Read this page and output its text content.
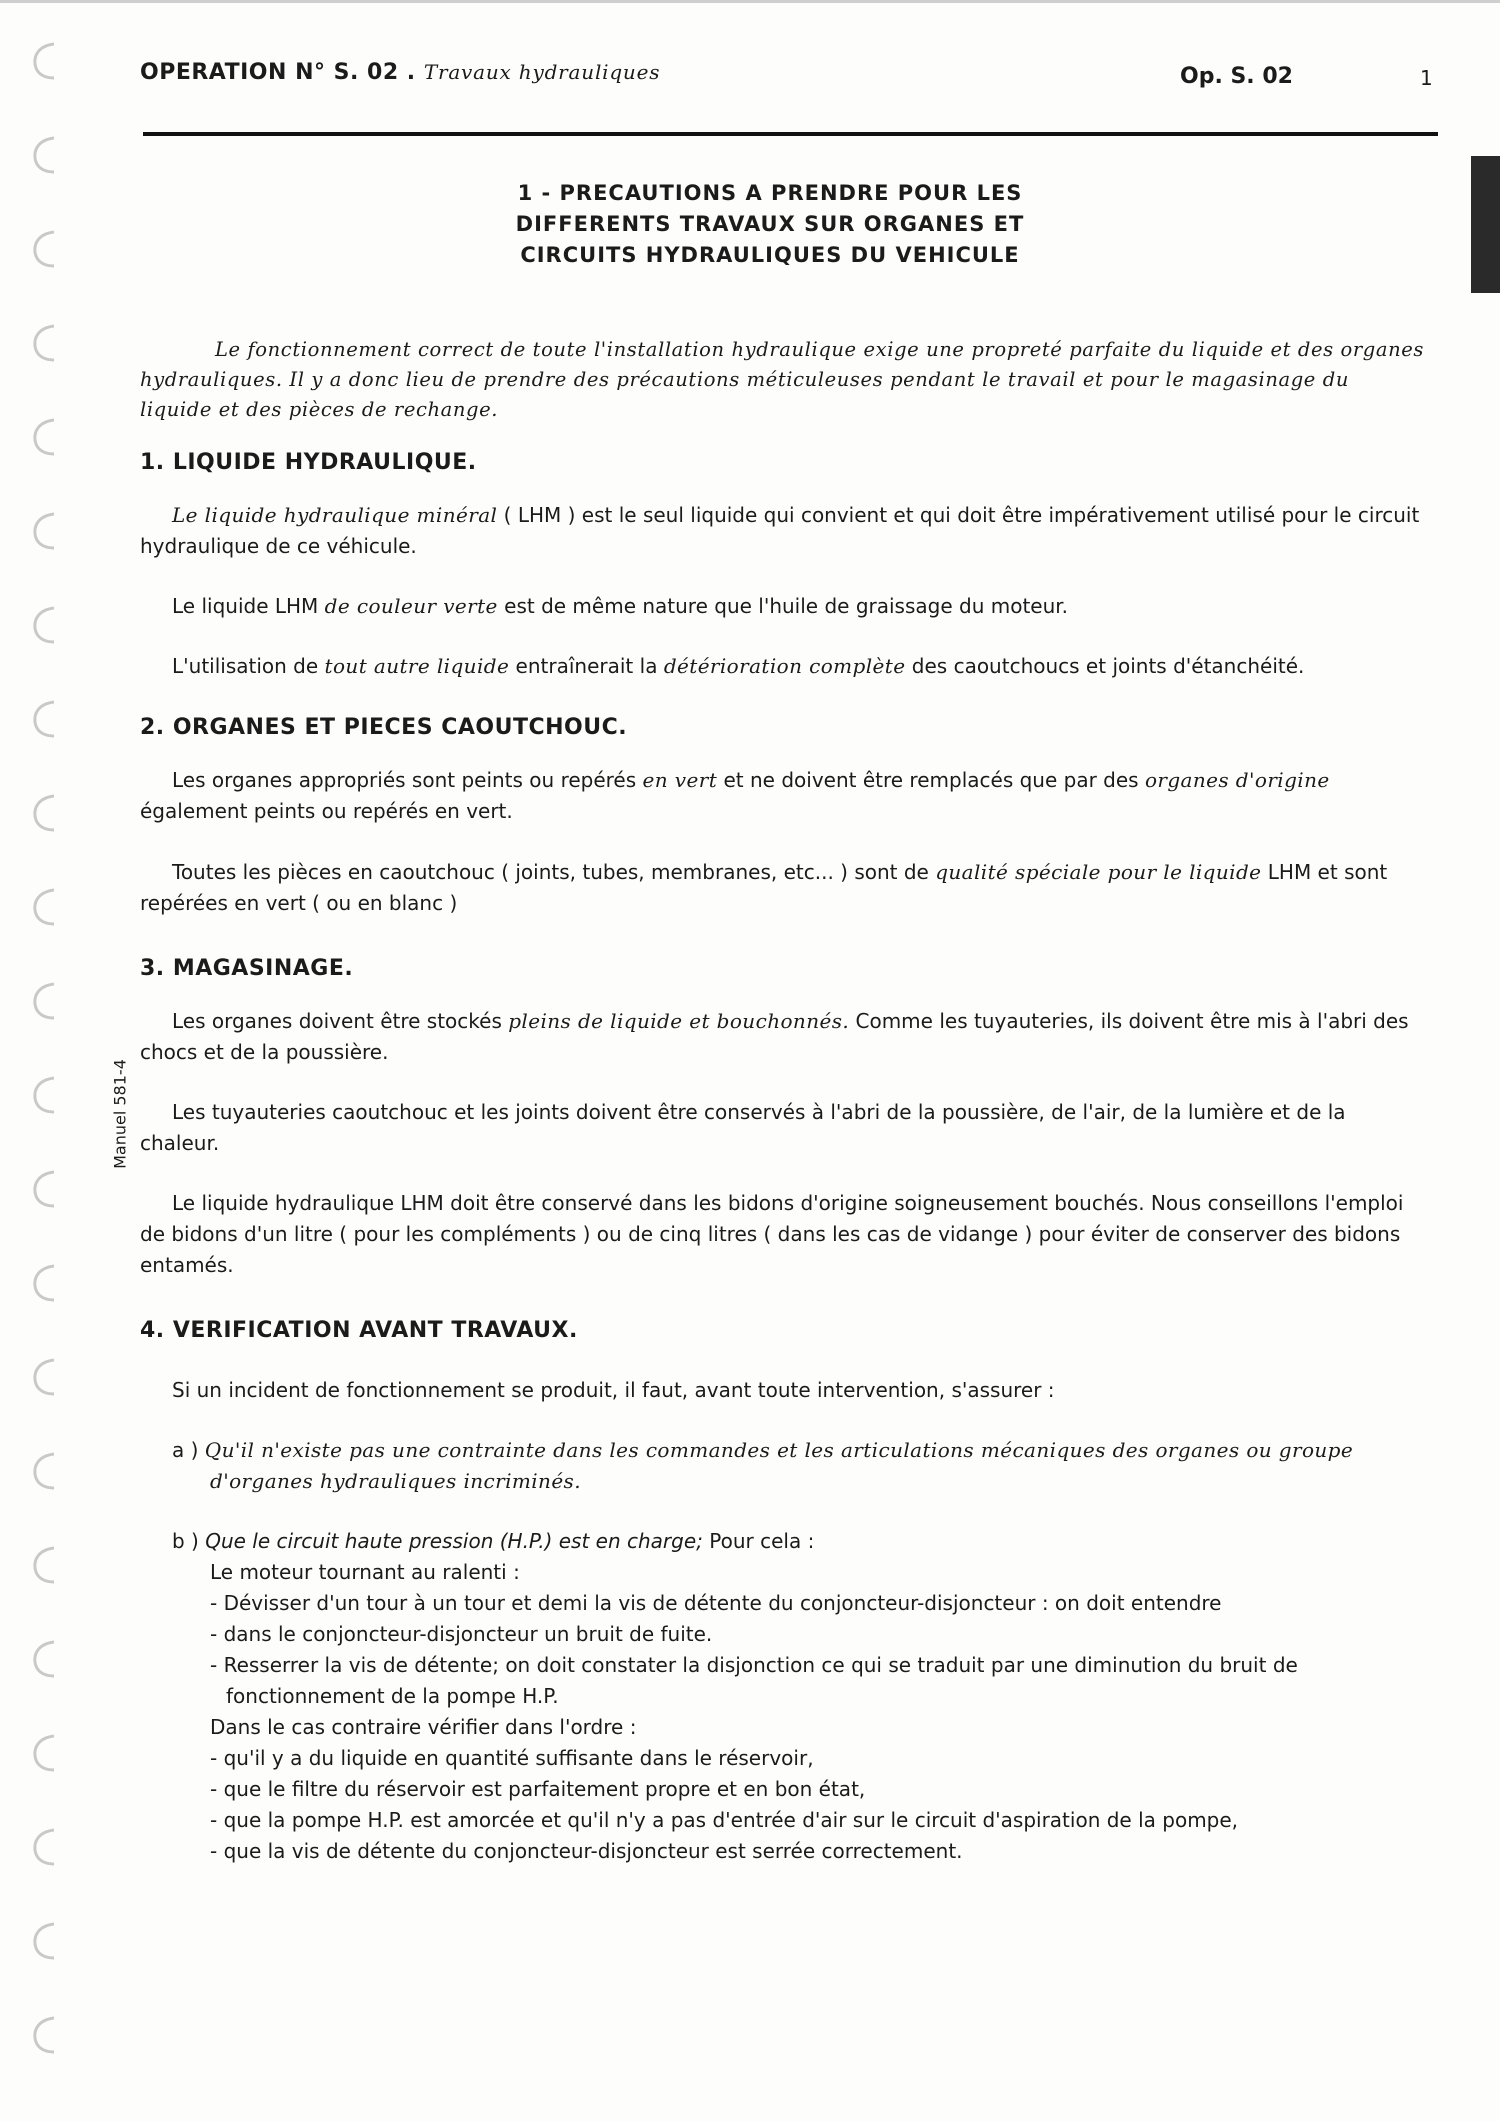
OPERATION N° S. 02 . Travaux hydrauliques	Op. S. 02	1
1 - PRECAUTIONS A PRENDRE POUR LES
DIFFERENTS TRAVAUX SUR ORGANES ET
CIRCUITS HYDRAULIQUES DU VEHICULE
Manuel 581-4

Le fonctionnement correct de toute l'installation hydraulique exige une propreté parfaite du liquide et des organes hydrauliques. Il y a donc lieu de prendre des précautions méticuleuses pendant le travail et pour le magasinage du liquide et des pièces de rechange.

1. LIQUIDE HYDRAULIQUE.

Le liquide hydraulique minéral ( LHM ) est le seul liquide qui convient et qui doit être impérativement utilisé pour le circuit hydraulique de ce véhicule.

Le liquide LHM de couleur verte est de même nature que l'huile de graissage du moteur.

L'utilisation de tout autre liquide entraînerait la détérioration complète des caoutchoucs et joints d'étanchéité.

2. ORGANES ET PIECES CAOUTCHOUC.

Les organes appropriés sont peints ou repérés en vert et ne doivent être remplacés que par des organes d'origine également peints ou repérés en vert.

Toutes les pièces en caoutchouc ( joints, tubes, membranes, etc... ) sont de qualité spéciale pour le liquide LHM et sont repérées en vert ( ou en blanc )

3. MAGASINAGE.

Les organes doivent être stockés pleins de liquide et bouchonnés. Comme les tuyauteries, ils doivent être mis à l'abri des chocs et de la poussière.

Les tuyauteries caoutchouc et les joints doivent être conservés à l'abri de la poussière, de l'air, de la lumière et de la chaleur.

Le liquide hydraulique LHM doit être conservé dans les bidons d'origine soigneusement bouchés. Nous conseillons l'emploi de bidons d'un litre ( pour les compléments ) ou de cinq litres ( dans les cas de vidange ) pour éviter de conserver des bidons entamés.

4. VERIFICATION AVANT TRAVAUX.

Si un incident de fonctionnement se produit, il faut, avant toute intervention, s'assurer :

a ) Qu'il n'existe pas une contrainte dans les commandes et les articulations mécaniques des organes ou groupe d'organes hydrauliques incriminés.

b ) Que le circuit haute pression (H.P.) est en charge; Pour cela :

Le moteur tournant au ralenti :

- Dévisser d'un tour à un tour et demi la vis de détente du conjoncteur-disjoncteur : on doit entendre
- dans le conjoncteur-disjoncteur un bruit de fuite.
- Resserrer la vis de détente; on doit constater la disjonction ce qui se traduit par une diminution du bruit de fonctionnement de la pompe H.P.

Dans le cas contraire vérifier dans l'ordre :

- qu'il y a du liquide en quantité suffisante dans le réservoir,
- que le filtre du réservoir est parfaitement propre et en bon état,
- que la pompe H.P. est amorcée et qu'il n'y a pas d'entrée d'air sur le circuit d'aspiration de la pompe,
- que la vis de détente du conjoncteur-disjoncteur est serrée correctement.
